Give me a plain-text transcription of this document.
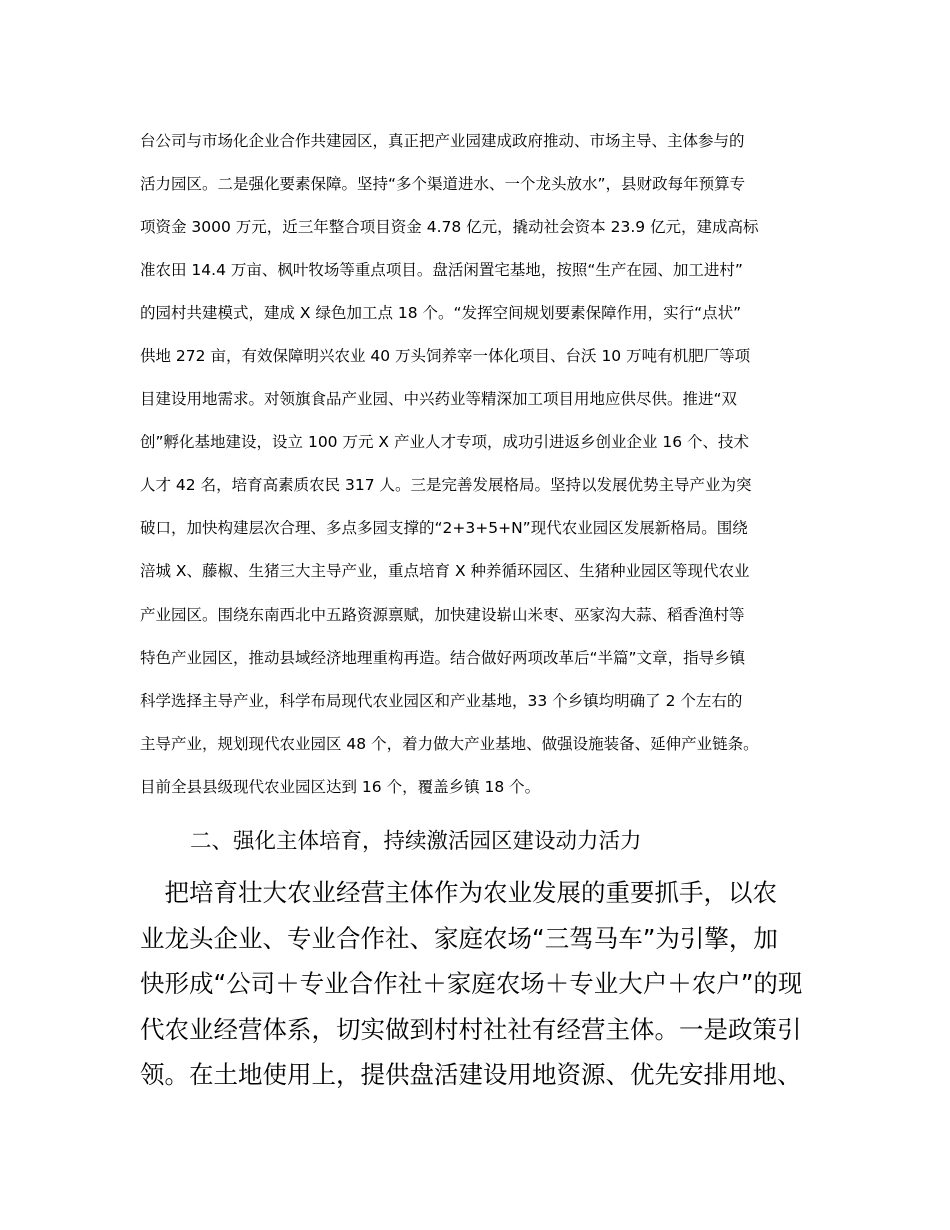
台公司与市场化企业合作共建园区，真正把产业园建成政府推动、市场主导、主体参与的
活力园区。二是强化要素保障。坚持“多个渠道进水、一个龙头放水”，县财政每年预算专
项资金 3000 万元，近三年整合项目资金 4.78 亿元，撬动社会资本 23.9 亿元，建成高标
准农田 14.4 万亩、枫叶牧场等重点项目。盘活闲置宅基地，按照“生产在园、加工进村”
的园村共建模式，建成 X 绿色加工点 18 个。“发挥空间规划要素保障作用，实行“点状”
供地 272 亩，有效保障明兴农业 40 万头饲养宰一体化项目、台沃 10 万吨有机肥厂等项
目建设用地需求。对领旗食品产业园、中兴药业等精深加工项目用地应供尽供。推进“双
创”孵化基地建设，设立 100 万元 X 产业人才专项，成功引进返乡创业企业 16 个、技术
人才 42 名，培育高素质农民 317 人。三是完善发展格局。坚持以发展优势主导产业为突
破口，加快构建层次合理、多点多园支撑的“2+3+5+N”现代农业园区发展新格局。围绕
涪城 X、藤椒、生猪三大主导产业，重点培育 X 种养循环园区、生猪种业园区等现代农业
产业园区。围绕东南西北中五路资源禀赋，加快建设崭山米枣、巫家沟大蒜、稻香渔村等
特色产业园区，推动县域经济地理重构再造。结合做好两项改革后“半篇”文章，指导乡镇
科学选择主导产业，科学布局现代农业园区和产业基地，33 个乡镇均明确了 2 个左右的
主导产业，规划现代农业园区 48 个，着力做大产业基地、做强设施装备、延伸产业链条。
目前全县县级现代农业园区达到 16 个，覆盖乡镇 18 个。
二、强化主体培育，持续激活园区建设动力活力
　把培育壮大农业经营主体作为农业发展的重要抓手，以农
业龙头企业、专业合作社、家庭农场“三驾马车”为引擎，加
快形成“公司＋专业合作社＋家庭农场＋专业大户＋农户”的现
代农业经营体系，切实做到村村社社有经营主体。一是政策引
领。在土地使用上，提供盘活建设用地资源、优先安排用地、
